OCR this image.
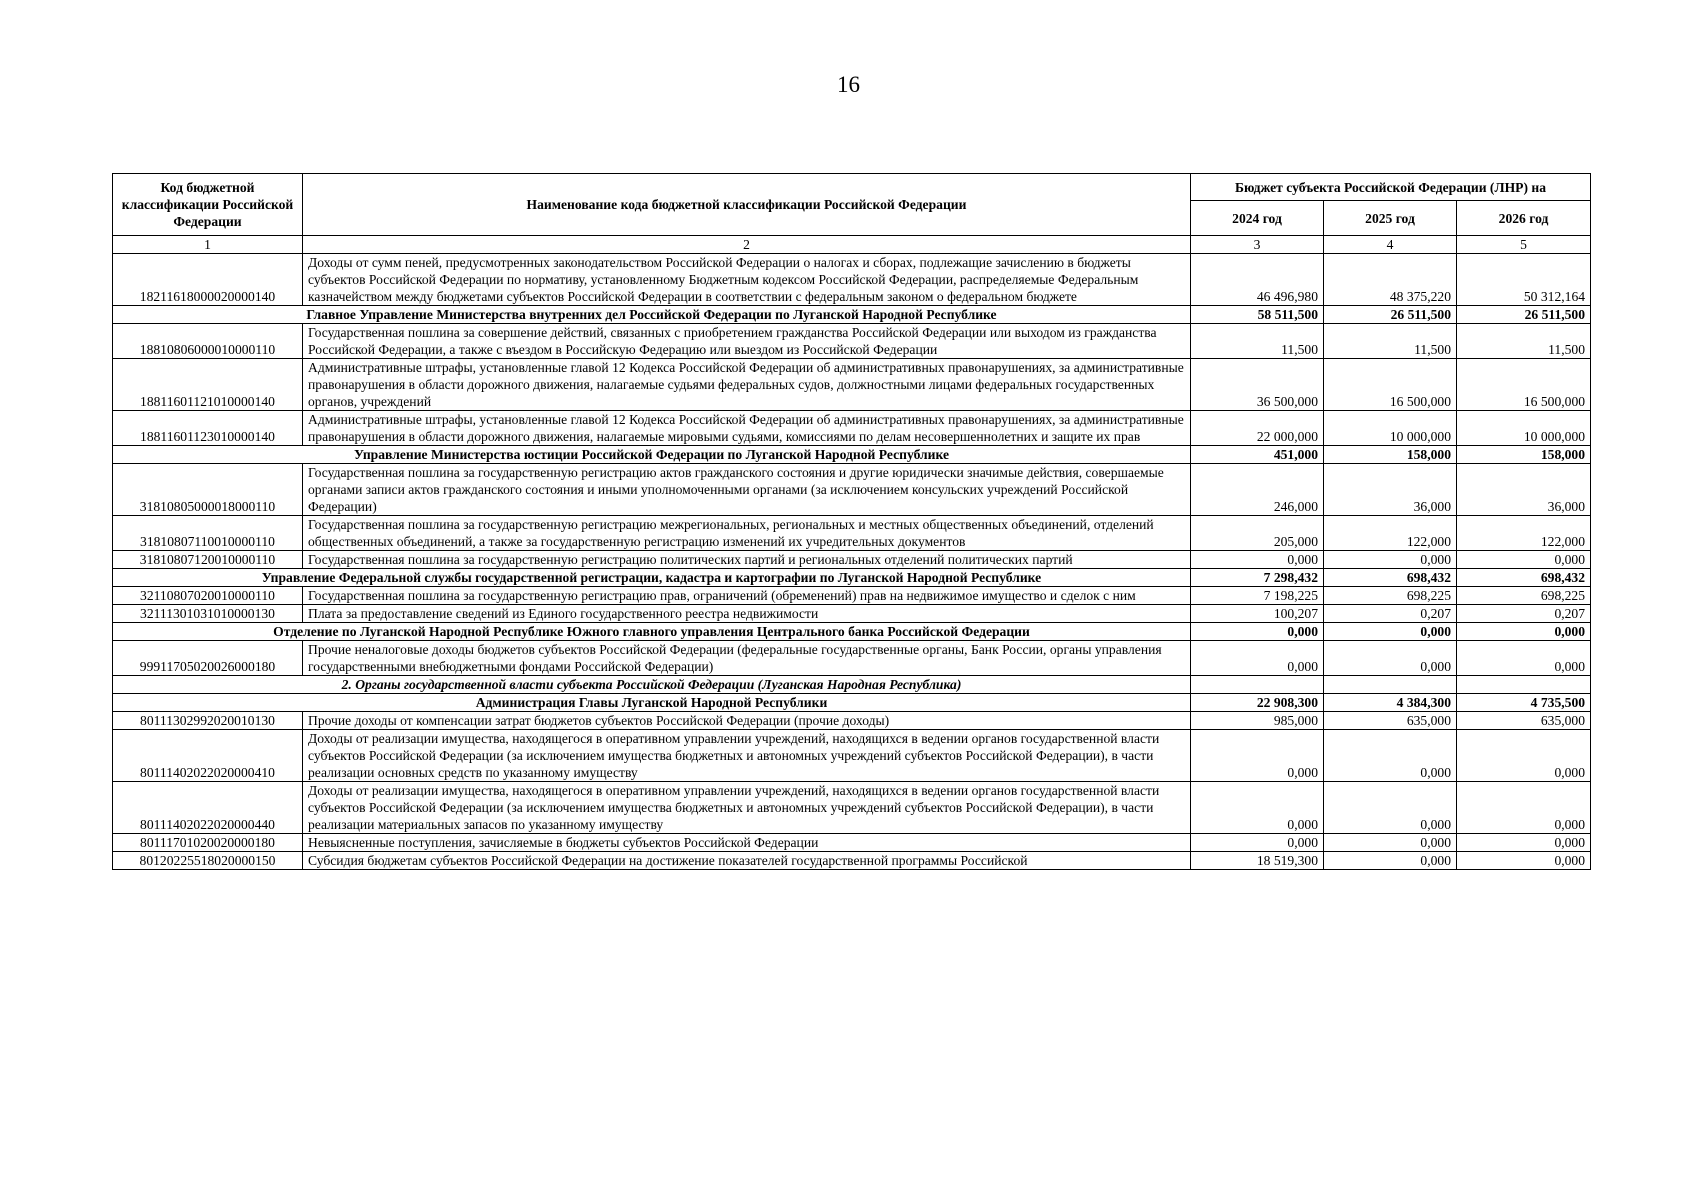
16
Код бюджетной классификации Российской Федерации	Наименование кода бюджетной классификации Российской Федерации	Бюджет субъекта Российской Федерации (ЛНР) на		
		2024 год	2025 год	2026 год
1	2	3	4	5
18211618000020000140	Доходы от сумм пеней, предусмотренных законодательством Российской Федерации о налогах и сборах, подлежащие зачислению в бюджеты субъектов Российской Федерации по нормативу, установленному Бюджетным кодексом Российской Федерации, распределяемые Федеральным казначейством между бюджетами субъектов Российской Федерации в соответствии с федеральным законом о федеральном бюджете	46 496,980	48 375,220	50 312,164
Главное Управление Министерства внутренних дел Российской Федерации по Луганской Народной Республике		58 511,500	26 511,500	26 511,500
18810806000010000110	Государственная пошлина за совершение действий, связанных с приобретением гражданства Российской Федерации или выходом из гражданства Российской Федерации, а также с въездом в Российскую Федерацию или выездом из Российской Федерации	11,500	11,500	11,500
18811601121010000140	Административные штрафы, установленные главой 12 Кодекса Российской Федерации об административных правонарушениях, за административные правонарушения в области дорожного движения, налагаемые судьями федеральных судов, должностными лицами федеральных государственных органов, учреждений	36 500,000	16 500,000	16 500,000
18811601123010000140	Административные штрафы, установленные главой 12 Кодекса Российской Федерации об административных правонарушениях, за административные правонарушения в области дорожного движения, налагаемые мировыми судьями, комиссиями по делам несовершеннолетних и защите их прав	22 000,000	10 000,000	10 000,000
Управление Министерства юстиции Российской Федерации по Луганской Народной Республике		451,000	158,000	158,000
31810805000018000110	Государственная пошлина за государственную регистрацию актов гражданского состояния и другие юридически значимые действия, совершаемые органами записи актов гражданского состояния и иными уполномоченными органами (за исключением консульских учреждений Российской Федерации)	246,000	36,000	36,000
31810807110010000110	Государственная пошлина за государственную регистрацию межрегиональных, региональных и местных общественных объединений, отделений общественных объединений, а также за государственную регистрацию изменений их учредительных документов	205,000	122,000	122,000
31810807120010000110	Государственная пошлина за государственную регистрацию политических партий и региональных отделений политических партий	0,000	0,000	0,000
Управление Федеральной службы государственной регистрации, кадастра и картографии по Луганской Народной Республике		7 298,432	698,432	698,432
32110807020010000110	Государственная пошлина за государственную регистрацию прав, ограничений (обременений) прав на недвижимое имущество и сделок с ним	7 198,225	698,225	698,225
32111301031010000130	Плата за предоставление сведений из Единого государственного реестра недвижимости	100,207	0,207	0,207
Отделение по Луганской Народной Республике Южного главного управления Центрального банка Российской Федерации		0,000	0,000	0,000
99911705020026000180	Прочие неналоговые доходы бюджетов субъектов Российской Федерации (федеральные государственные органы, Банк России, органы управления государственными внебюджетными фондами Российской Федерации)	0,000	0,000	0,000
2. Органы государственной власти субъекта Российской Федерации (Луганская Народная Республика)				
Администрация Главы Луганской Народной Республики		22 908,300	4 384,300	4 735,500
80111302992020010130	Прочие доходы от компенсации затрат бюджетов субъектов Российской Федерации (прочие доходы)	985,000	635,000	635,000
80111402022020000410	Доходы от реализации имущества, находящегося в оперативном управлении учреждений, находящихся в ведении органов государственной власти субъектов Российской Федерации (за исключением имущества бюджетных и автономных учреждений субъектов Российской Федерации), в части реализации основных средств по указанному имуществу	0,000	0,000	0,000
80111402022020000440	Доходы от реализации имущества, находящегося в оперативном управлении учреждений, находящихся в ведении органов государственной власти субъектов Российской Федерации (за исключением имущества бюджетных и автономных учреждений субъектов Российской Федерации), в части реализации материальных запасов по указанному имуществу	0,000	0,000	0,000
80111701020020000180	Невыясненные поступления, зачисляемые в бюджеты субъектов Российской Федерации	0,000	0,000	0,000
80120225518020000150	Субсидия бюджетам субъектов Российской Федерации на достижение показателей государственной программы Российской	18 519,300	0,000	0,000
